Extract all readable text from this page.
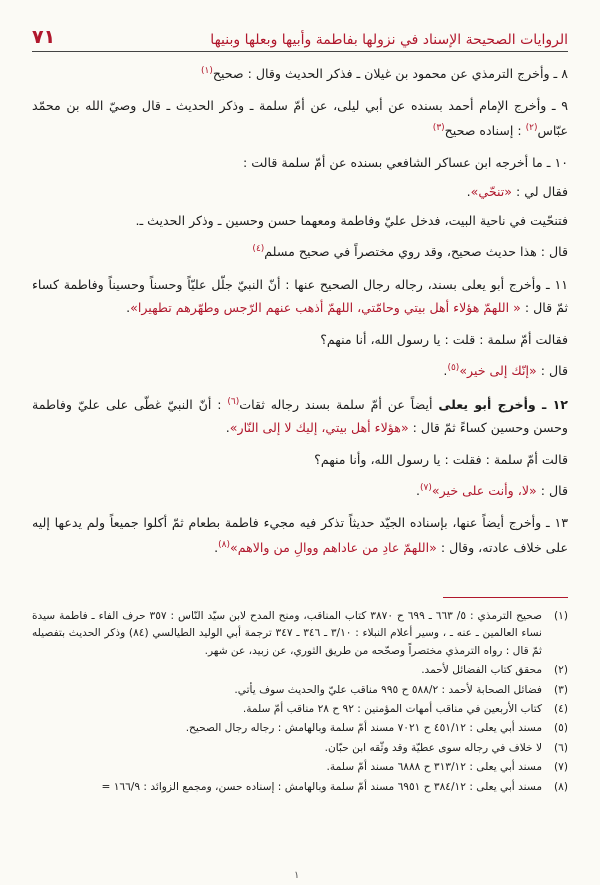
الروايات الصحيحة الإسناد في نزولها بفاطمة وأبيها وبعلها وبنيها
٧١

٨ ـ وأخرج الترمذي عن محمود بن غيلان ـ فذكر الحديث وقال : صحيح$^{(١)}$

٩ ـ وأخرج الإمام أحمد بسنده عن أبي ليلى، عن أمّ سلمة ـ وذكر الحديث ـ قال وصيّ الله بن محمّد عبّاس$^{(٢)}$ : إسناده صحيح$^{(٣)}$

١٠ ـ ما أخرجه ابن عساكر الشافعي بسنده عن أمّ سلمة قالت :

فقال لي : «تنحّي».

فتنحّيت في ناحية البيت، فدخل عليّ وفاطمة ومعهما حسن وحسين ـ وذكر الحديث ـ.

قال : هذا حديث صحيح، وقد روي مختصراً في صحيح مسلم$^{(٤)}$

١١ ـ وأخرج أبو يعلى بسند، رجاله رجال الصحيح عنها : أنّ النبيّ جلّل عليّاً وحسناً وحسيناً وفاطمة كساء ثمّ قال : « اللهمّ هؤلاء أهل بيتي وحامّتي، اللهمّ أذهب عنهم الرّجس وطهّرهم تطهيرا».

فقالت أمّ سلمة : قلت : يا رسول الله، أنا منهم؟

قال : «إنّك إلى خير»$^{(٥)}$.

١٢ ـ وأخرج أبو يعلى أيضاً عن أمّ سلمة بسند رجاله ثقات$^{(٦)}$ : أنّ النبيّ غطّى على عليّ وفاطمة وحسن وحسين كساءً ثمّ قال : «هؤلاء أهل بيتي، إليك لا إلى النّار».

قالت أمّ سلمة : فقلت : يا رسول الله، وأنا منهم؟

قال : «لا، وأنت على خير»$^{(٧)}$.

١٣ ـ وأخرج أيضاً عنها، بإسناده الجيّد حديثاً تذكر فيه مجيء فاطمة بطعام ثمّ أكلوا جميعاً ولم يدعها إليه على خلاف عادته، وقال : «اللهمّ عادِ من عاداهم ووالِ من والاهم»$^{(٨)}$.

(١)
صحيح الترمذي : ٥/ ٦٦٣ ـ ٦٩٩ ح ٣٨٧٠ كتاب المناقب، ومنح المدح لابن سيّد النّاس : ٣٥٧ حرف الفاء ـ فاطمة سيدة نساء العالمين ـ عنه ـ ، وسير أعلام النبلاء : ٣/١٠ ـ ٣٤٦ ـ ٣٤٧ ترجمة أبي الوليد الطيالسي (٨٤) وذكر الحديث بتفصيله ثمّ قال : رواه الترمذي مختصراً وصحّحه من طريق الثوري، عن زبيد، عن شهر.
(٢)
محقق كتاب الفضائل لأحمد.
(٣)
فضائل الصحابة لأحمد : ٥٨٨/٢ ح ٩٩٥ مناقب عليّ والحديث سوف يأتي.
(٤)
كتاب الأربعين في مناقب أمهات المؤمنين : ٩٢ ح ٢٨ مناقب أمّ سلمة.
(٥)
مسند أبي يعلى : ٤٥١/١٢ ح ٧٠٢١ مسند أمّ سلمة وبالهامش : رجاله رجال الصحيح.
(٦)
لا خلاف في رجاله سوى عطيّة وقد وثّقه ابن حبّان.
(٧)
مسند أبي يعلى : ٣١٣/١٢ ح ٦٨٨٨ مسند أمّ سلمة.
(٨)
مسند أبي يعلى : ٣٨٤/١٢ ح ٦٩٥١ مسند أمّ سلمة وبالهامش : إسناده حسن، ومجمع الزوائد : ١٦٦/٩ =
١
